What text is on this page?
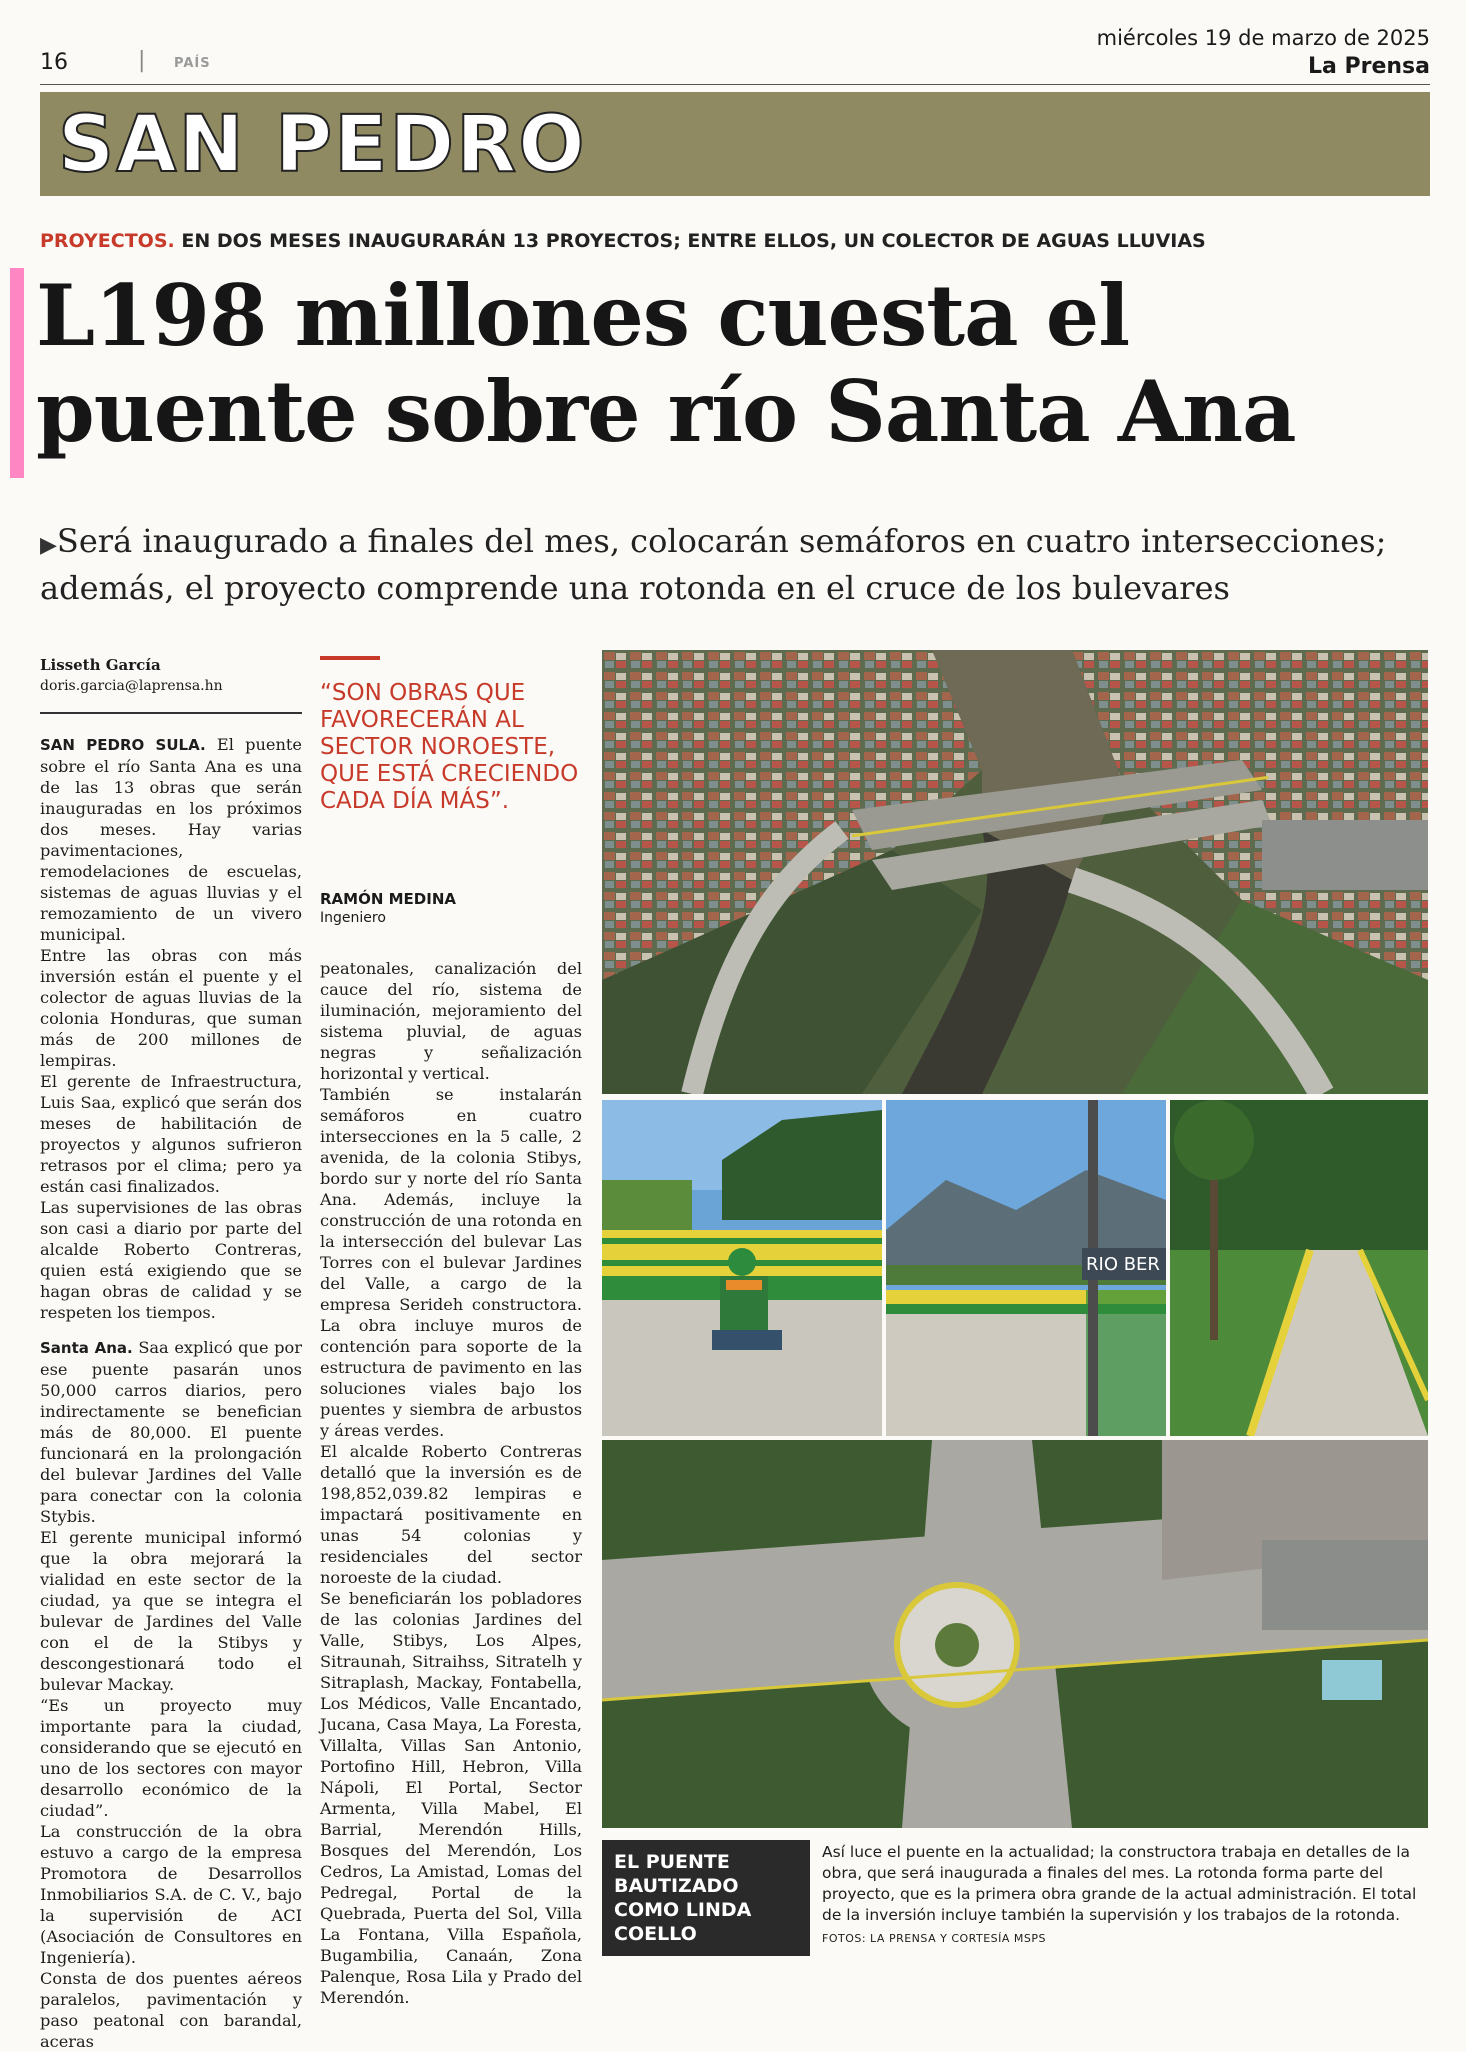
16	| PAÍS
miércoles 19 de marzo de 2025
La Prensa
SAN PEDRO
PROYECTOS. EN DOS MESES INAUGURARÁN 13 PROYECTOS; ENTRE ELLOS, UN COLECTOR DE AGUAS LLUVIAS
L198 millones cuesta el
puente sobre río Santa Ana
▶Será inaugurado a finales del mes, colocarán semáforos en cuatro intersecciones;
además, el proyecto comprende una rotonda en el cruce de los bulevares
Lisseth García
doris.garcia@laprensa.hn

SAN PEDRO SULA. El puente sobre el río Santa Ana es una de las 13 obras que serán inauguradas en los próximos dos meses. Hay varias pavimentaciones, remodelaciones de escuelas, sistemas de aguas lluvias y el remozamiento de un vivero municipal.

Entre las obras con más inversión están el puente y el colector de aguas lluvias de la colonia Honduras, que suman más de 200 millones de lempiras.

El gerente de Infraestructura, Luis Saa, explicó que serán dos meses de habilitación de proyectos y algunos sufrieron retrasos por el clima; pero ya están casi finalizados.

Las supervisiones de las obras son casi a diario por parte del alcalde Roberto Contreras, quien está exigiendo que se hagan obras de calidad y se respeten los tiempos.

Santa Ana. Saa explicó que por ese puente pasarán unos 50,000 carros diarios, pero indirectamente se benefician más de 80,000. El puente funcionará en la prolongación del bulevar Jardines del Valle para conectar con la colonia Stybis.

El gerente municipal informó que la obra mejorará la vialidad en este sector de la ciudad, ya que se integra el bulevar de Jardines del Valle con el de la Stibys y descongestionará todo el bulevar Mackay.

“Es un proyecto muy importante para la ciudad, considerando que se ejecutó en uno de los sectores con mayor desarrollo económico de la ciudad”.

La construcción de la obra estuvo a cargo de la empresa Promotora de Desarrollos Inmobiliarios S.A. de C. V., bajo la supervisión de ACI (Asociación de Consultores en Ingeniería).

Consta de dos puentes aéreos paralelos, pavimentación y paso peatonal con barandal, aceras

“SON OBRAS QUE FAVORECERÁN AL SECTOR NOROESTE, QUE ESTÁ CRECIENDO CADA DÍA MÁS”.
RAMÓN MEDINA
Ingeniero

peatonales, canalización del cauce del río, sistema de iluminación, mejoramiento del sistema pluvial, de aguas negras y señalización horizontal y vertical.

También se instalarán semáforos en cuatro intersecciones en la 5 calle, 2 avenida, de la colonia Stibys, bordo sur y norte del río Santa Ana. Además, incluye la construcción de una rotonda en la intersección del bulevar Las Torres con el bulevar Jardines del Valle, a cargo de la empresa Serideh constructora. La obra incluye muros de contención para soporte de la estructura de pavimento en las soluciones viales bajo los puentes y siembra de arbustos y áreas verdes.

El alcalde Roberto Contreras detalló que la inversión es de 198,852,039.82 lempiras e impactará positivamente en unas 54 colonias y residenciales del sector noroeste de la ciudad.

Se beneficiarán los pobladores de las colonias Jardines del Valle, Stibys, Los Alpes, Sitraunah, Sitraihss, Sitratelh y Sitraplash, Mackay, Fontabella, Los Médicos, Valle Encantado, Jucana, Casa Maya, La Foresta, Villalta, Villas San Antonio, Portofino Hill, Hebron, Villa Nápoli, El Portal, Sector Armenta, Villa Mabel, El Barrial, Merendón Hills, Bosques del Merendón, Los Cedros, La Amistad, Lomas del Pedregal, Portal de la Quebrada, Puerta del Sol, Villa La Fontana, Villa Española, Bugambilia, Canaán, Zona Palenque, Rosa Lila y Prado del Merendón.

RIO BER
EL PUENTE BAUTIZADO COMO LINDA COELLO
Así luce el puente en la actualidad; la constructora trabaja en detalles de la obra, que será inaugurada a finales del mes. La rotonda forma parte del proyecto, que es la primera obra grande de la actual administración. El total de la inversión incluye también la supervisión y los trabajos de la rotonda. FOTOS: LA PRENSA Y CORTESÍA MSPS
